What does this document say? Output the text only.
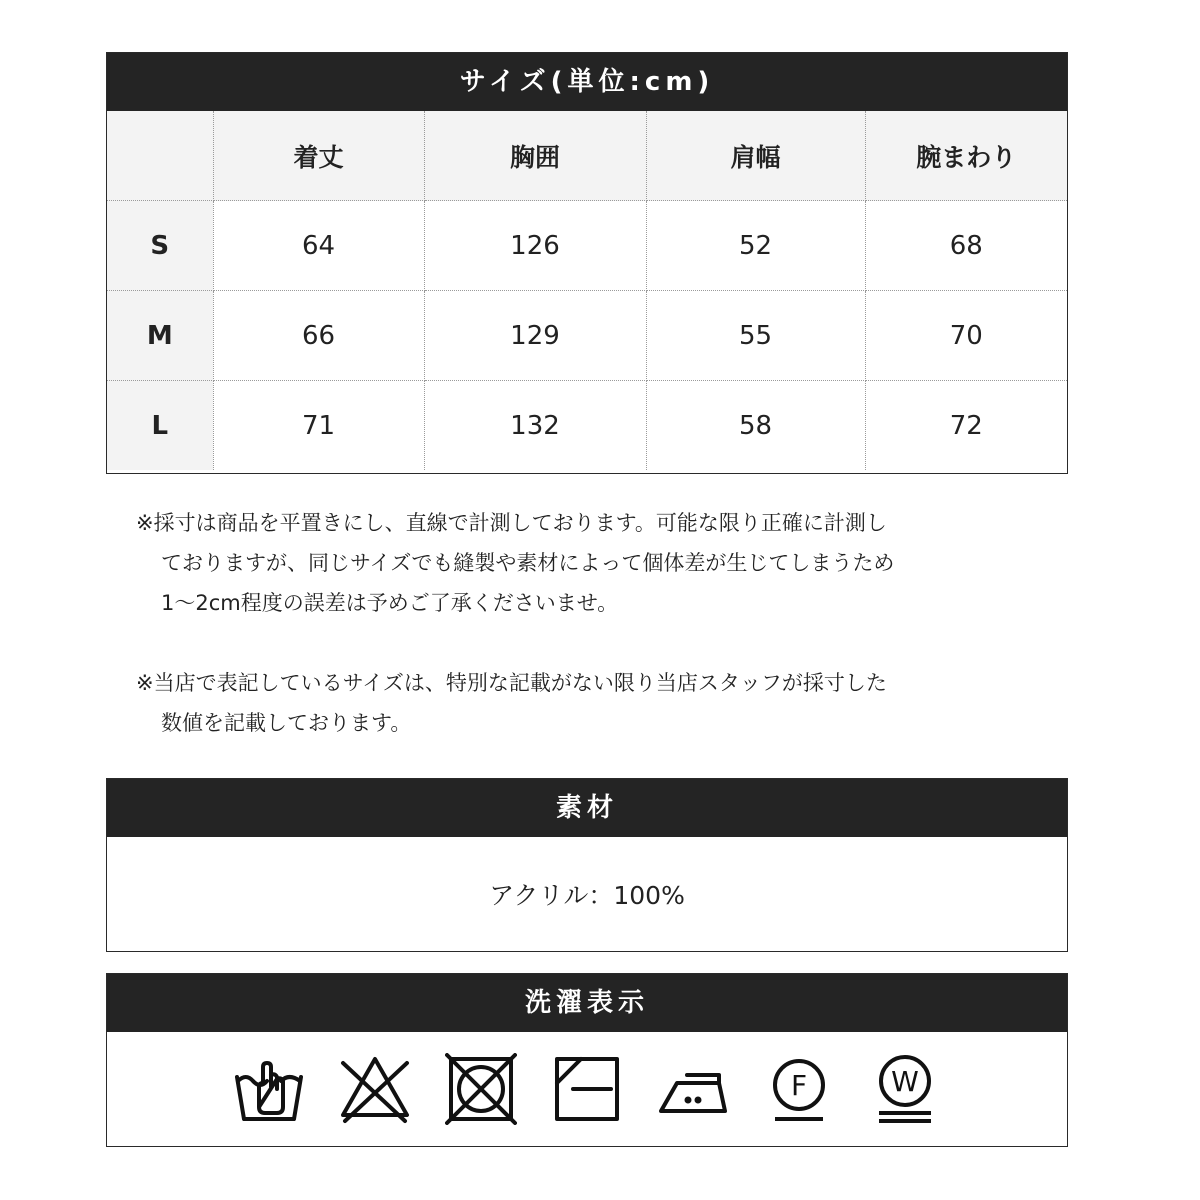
サイズ(単位:cm)
	着丈	胸囲	肩幅	腕まわり
S	64	126	52	68
M	66	129	55	70
L	71	132	58	72
※採寸は商品を平置きにし、直線で計測しております。可能な限り正確に計測し
ておりますが、同じサイズでも縫製や素材によって個体差が生じてしまうため
1〜2cm程度の誤差は予めご了承くださいませ。
※当店で表記しているサイズは、特別な記載がない限り当店スタッフが採寸した
数値を記載しております。
素材
アクリル：100%
洗濯表示
F	W
